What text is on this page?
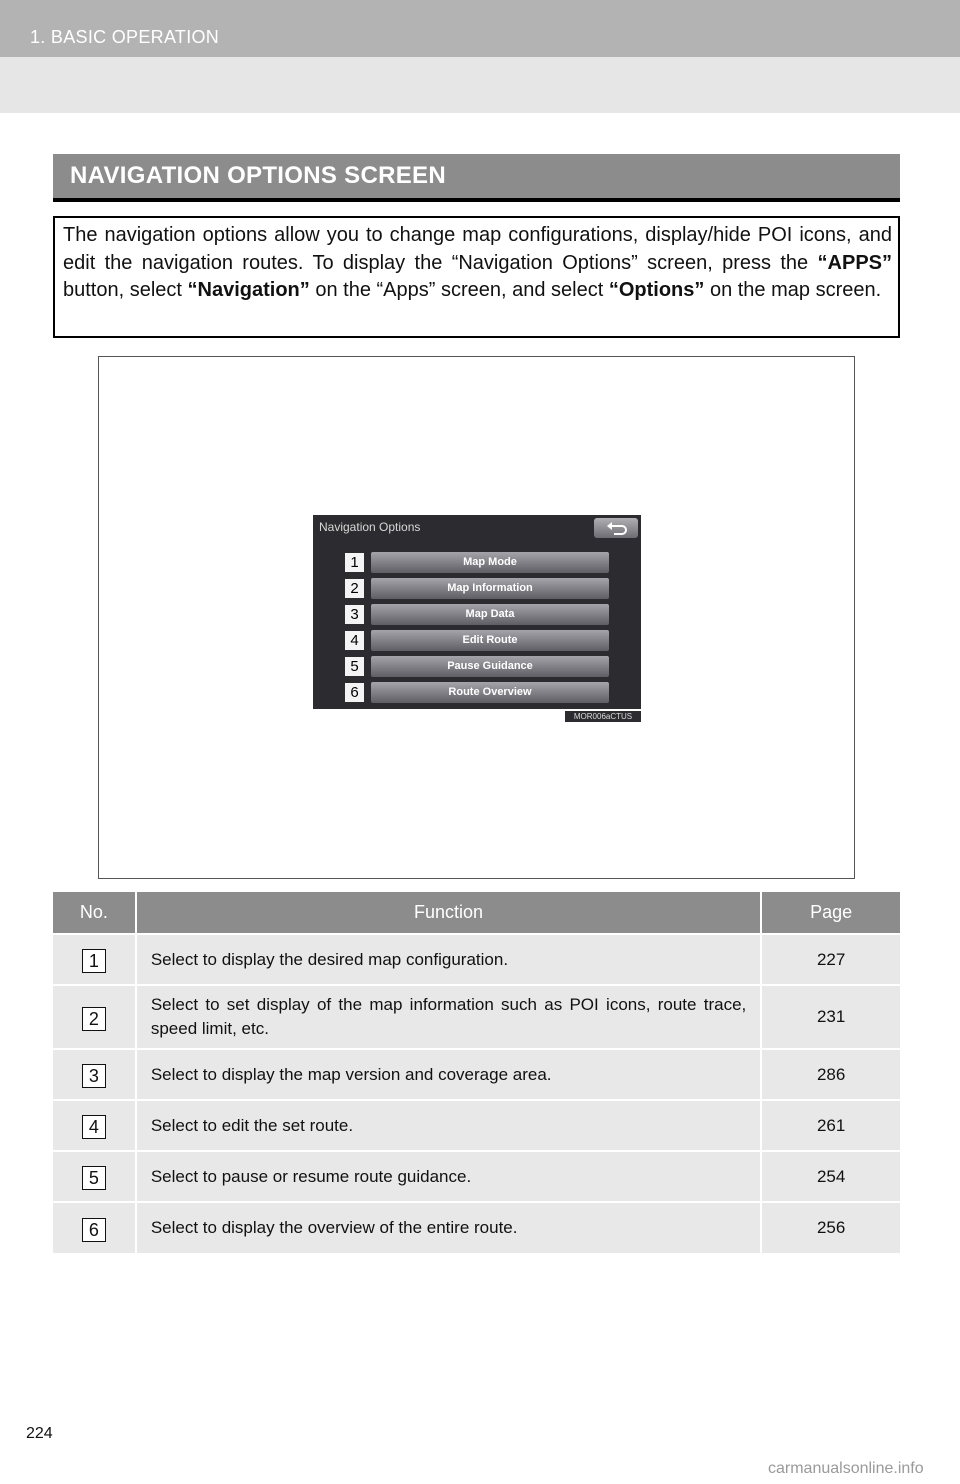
1. BASIC OPERATION
NAVIGATION OPTIONS SCREEN
The navigation options allow you to change map configurations, display/hide POI icons, and edit the navigation routes. To display the “Navigation Options” screen, press the “APPS” button, select “Navigation” on the “Apps” screen, and select “Options” on the map screen.
Navigation Options
1	Map Mode
2	Map Information
3	Map Data
4	Edit Route
5	Pause Guidance
6	Route Overview
MOR006aCTUS
No.	Function	Page
1	Select to display the desired map configuration.	227
2	Select to set display of the map information such as POI icons, route trace, speed limit, etc.	231
3	Select to display the map version and coverage area.	286
4	Select to edit the set route.	261
5	Select to pause or resume route guidance.	254
6	Select to display the overview of the entire route.	256
224
carmanualsonline.info
